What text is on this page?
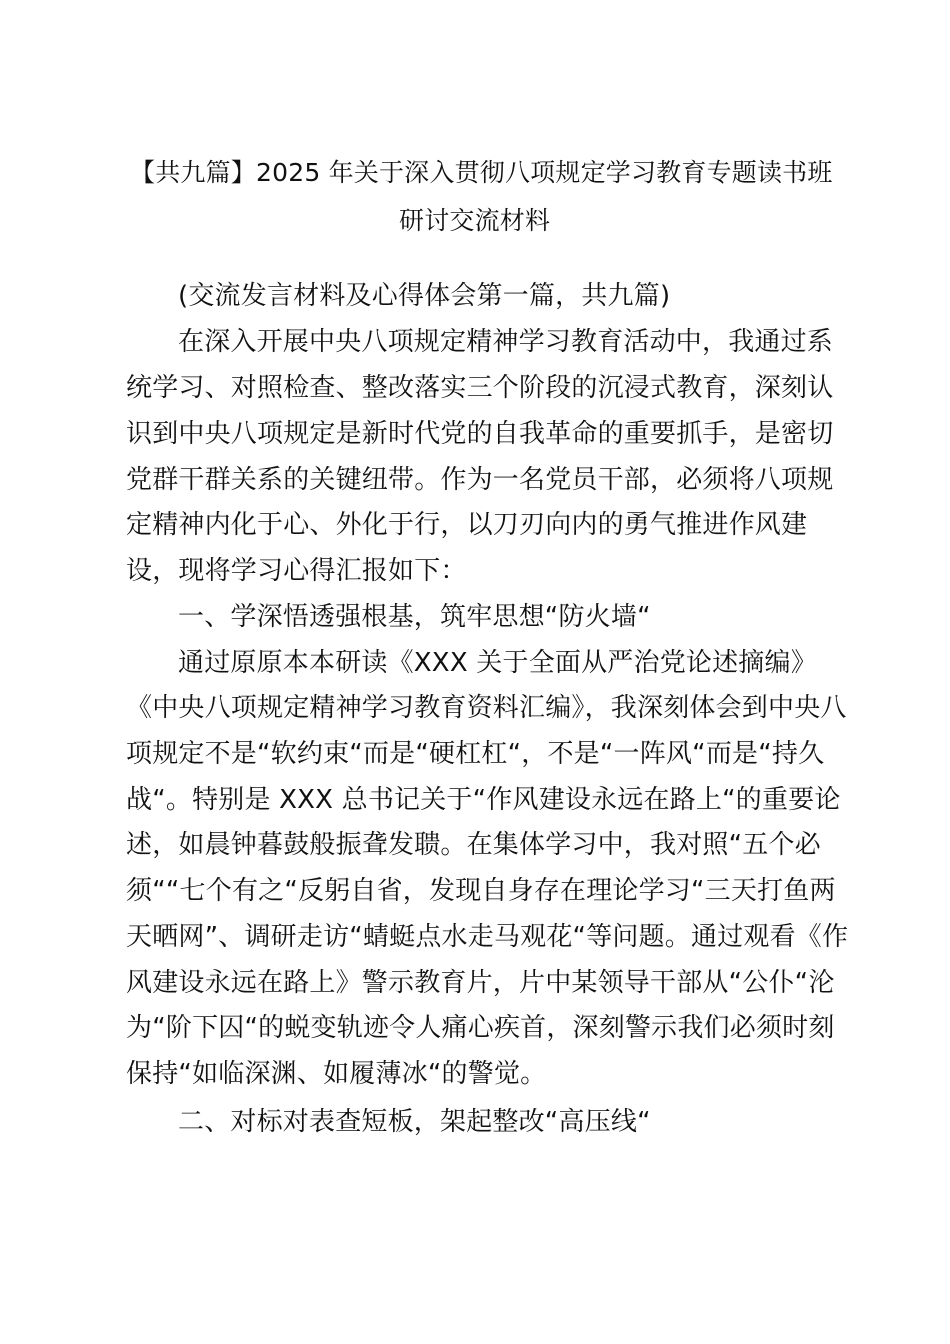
【共九篇】2025 年关于深入贯彻八项规定学习教育专题读书班

研讨交流材料

(交流发言材料及心得体会第一篇，共九篇)

在深入开展中央八项规定精神学习教育活动中，我通过系

统学习、对照检查、整改落实三个阶段的沉浸式教育，深刻认

识到中央八项规定是新时代党的自我革命的重要抓手，是密切

党群干群关系的关键纽带。作为一名党员干部，必须将八项规

定精神内化于心、外化于行，以刀刃向内的勇气推进作风建

设，现将学习心得汇报如下：

一、学深悟透强根基，筑牢思想“防火墙“

通过原原本本研读《XXX 关于全面从严治党论述摘编》

《中央八项规定精神学习教育资料汇编》，我深刻体会到中央八

项规定不是“软约束“而是“硬杠杠“，不是“一阵风“而是“持久

战“。特别是 XXX 总书记关于“作风建设永远在路上“的重要论

述，如晨钟暮鼓般振聋发聩。在集体学习中，我对照“五个必

须““七个有之“反躬自省，发现自身存在理论学习“三天打鱼两

天晒网”、调研走访“蜻蜓点水走马观花“等问题。通过观看《作

风建设永远在路上》警示教育片，片中某领导干部从“公仆“沦

为“阶下囚“的蜕变轨迹令人痛心疾首，深刻警示我们必须时刻

保持“如临深渊、如履薄冰“的警觉。

二、对标对表查短板，架起整改“高压线“
